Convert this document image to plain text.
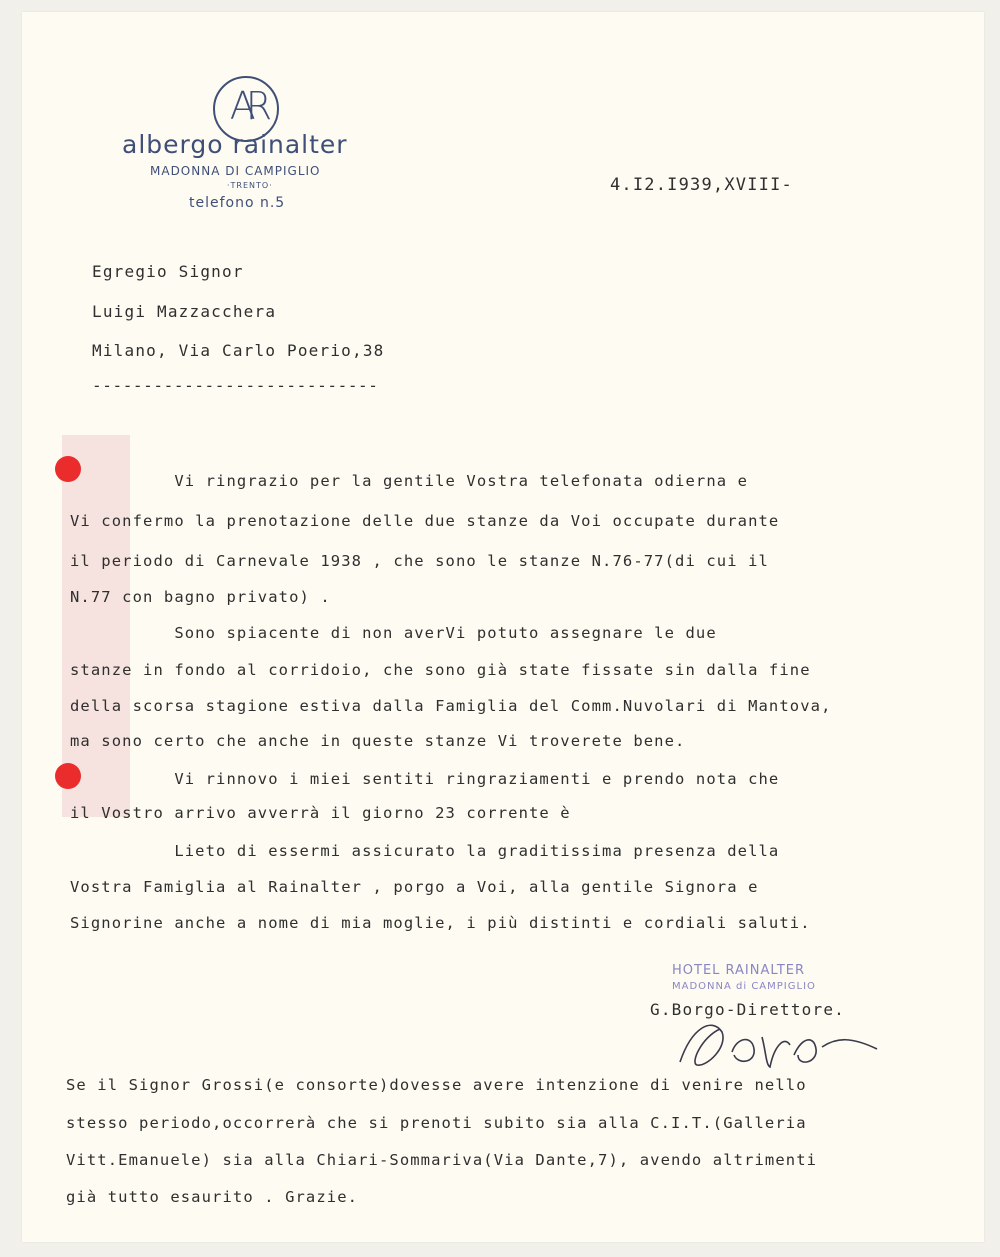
AR
albergo rainalter
MADONNA DI CAMPIGLIO
·TRENTO·
telefono n.5
4.I2.I939,XVIII-
Egregio Signor
Luigi Mazzacchera
Milano, Via Carlo Poerio,38
----------------------------
Vi ringrazio per la gentile Vostra telefonata odierna e
Vi confermo la prenotazione delle due stanze da Voi occupate durante
il periodo di Carnevale 1938 , che sono le stanze N.76-77(di cui il
N.77 con bagno privato) .
Sono spiacente di non averVi potuto assegnare le due
stanze in fondo al corridoio, che sono già state fissate sin dalla fine
della scorsa stagione estiva dalla Famiglia del Comm.Nuvolari di Mantova,
ma sono certo che anche in queste stanze Vi troverete bene.
Vi rinnovo i miei sentiti ringraziamenti e prendo nota che
il Vostro arrivo avverrà il giorno 23 corrente è
Lieto di essermi assicurato la graditissima presenza della
Vostra Famiglia al Rainalter , porgo a Voi, alla gentile Signora e
Signorine anche a nome di mia moglie, i più distinti e cordiali saluti.
HOTEL RAINALTER
MADONNA di CAMPIGLIO
G.Borgo-Direttore.
Se il Signor Grossi(e consorte)dovesse avere intenzione di venire nello
stesso periodo,occorrerà che si prenoti subito sia alla C.I.T.(Galleria
Vitt.Emanuele) sia alla Chiari-Sommariva(Via Dante,7), avendo altrimenti
già tutto esaurito . Grazie.
